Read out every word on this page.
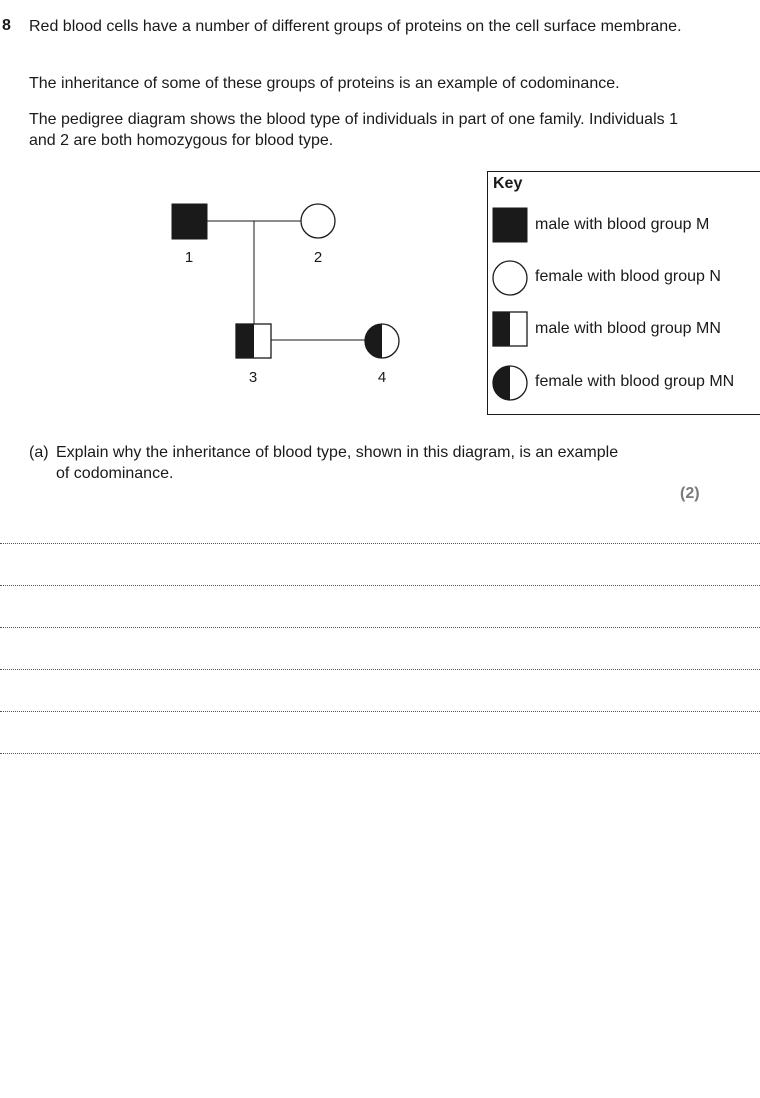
8 Red blood cells have a number of different groups of proteins on the cell surface membrane.
The inheritance of some of these groups of proteins is an example of codominance.
The pedigree diagram shows the blood type of individuals in part of one family. Individuals 1 and 2 are both homozygous for blood type.
1	2
3	4
Key
male with blood group M
female with blood group N
male with blood group MN
female with blood group MN
(a) Explain why the inheritance of blood type, shown in this diagram, is an example
of codominance.
(2)
